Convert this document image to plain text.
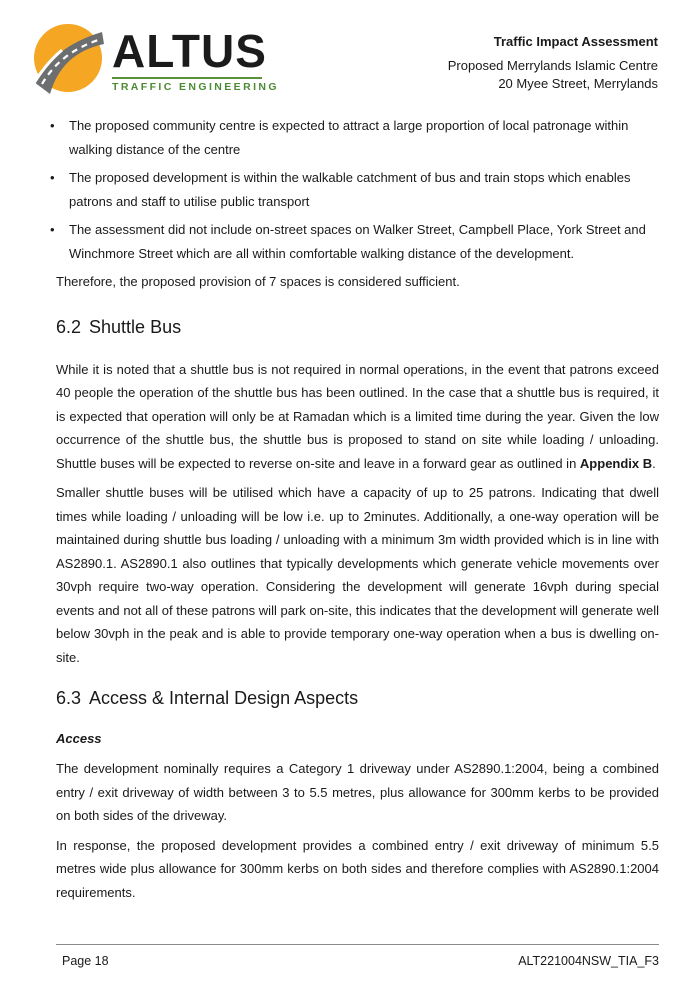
ALTUS
TRAFFIC ENGINEERING
Traffic Impact Assessment
Proposed Merrylands Islamic Centre
20 Myee Street, Merrylands
• The proposed community centre is expected to attract a large proportion of local patronage within walking distance of the centre
• The proposed development is within the walkable catchment of bus and train stops which enables patrons and staff to utilise public transport
• The assessment did not include on-street spaces on Walker Street, Campbell Place, York Street and Winchmore Street which are all within comfortable walking distance of the development.

Therefore, the proposed provision of 7 spaces is considered sufficient.

6.2 Shuttle Bus

While it is noted that a shuttle bus is not required in normal operations, in the event that patrons exceed 40 people the operation of the shuttle bus has been outlined. In the case that a shuttle bus is required, it is expected that operation will only be at Ramadan which is a limited time during the year. Given the low occurrence of the shuttle bus, the shuttle bus is proposed to stand on site while loading / unloading. Shuttle buses will be expected to reverse on-site and leave in a forward gear as outlined in Appendix B.

Smaller shuttle buses will be utilised which have a capacity of up to 25 patrons. Indicating that dwell times while loading / unloading will be low i.e. up to 2minutes. Additionally, a one-way operation will be maintained during shuttle bus loading / unloading with a minimum 3m width provided which is in line with AS2890.1. AS2890.1 also outlines that typically developments which generate vehicle movements over 30vph require two-way operation. Considering the development will generate 16vph during special events and not all of these patrons will park on-site, this indicates that the development will generate well below 30vph in the peak and is able to provide temporary one-way operation when a bus is dwelling on-site.

6.3 Access & Internal Design Aspects
Access

The development nominally requires a Category 1 driveway under AS2890.1:2004, being a combined entry / exit driveway of width between 3 to 5.5 metres, plus allowance for 300mm kerbs to be provided on both sides of the driveway.

In response, the proposed development provides a combined entry / exit driveway of minimum 5.5 metres wide plus allowance for 300mm kerbs on both sides and therefore complies with AS2890.1:2004 requirements.

Page 18	ALT221004NSW_TIA_F3
